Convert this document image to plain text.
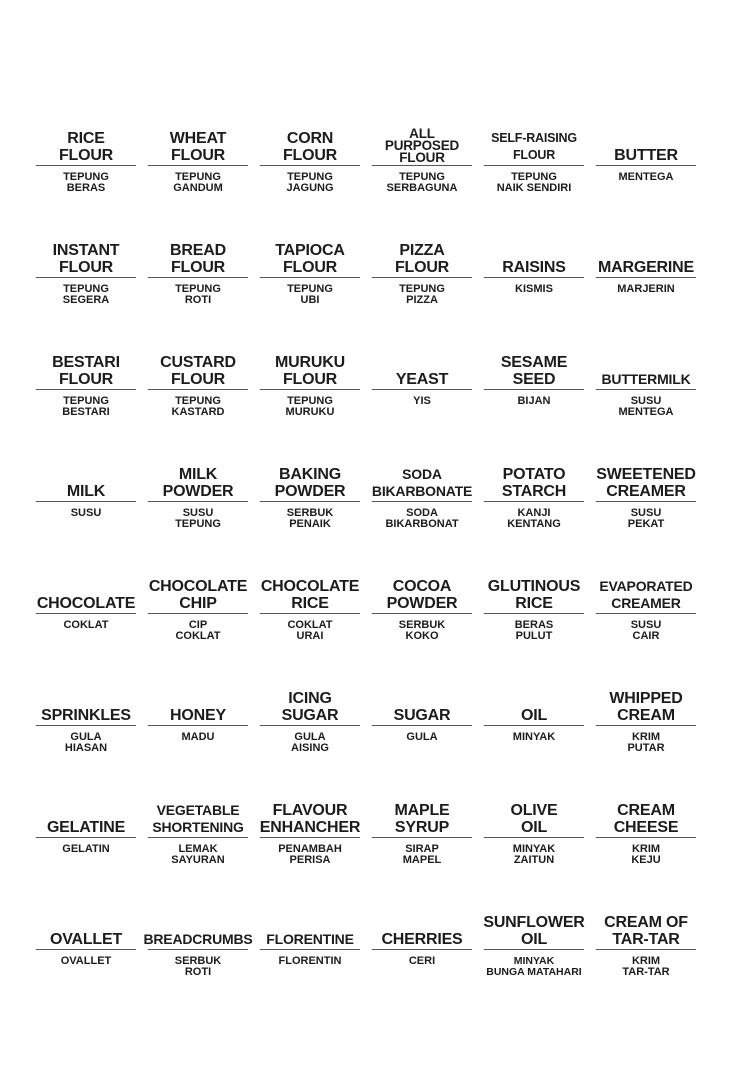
RICE
FLOUR
TEPUNG
BERAS
WHEAT
FLOUR
TEPUNG
GANDUM
CORN
FLOUR
TEPUNG
JAGUNG
ALL
PURPOSED
FLOUR
TEPUNG
SERBAGUNA
SELF-RAISING
FLOUR
TEPUNG
NAIK SENDIRI
BUTTER
MENTEGA
INSTANT
FLOUR
TEPUNG
SEGERA
BREAD
FLOUR
TEPUNG
ROTI
TAPIOCA
FLOUR
TEPUNG
UBI
PIZZA
FLOUR
TEPUNG
PIZZA
RAISINS
KISMIS
MARGERINE
MARJERIN
BESTARI
FLOUR
TEPUNG
BESTARI
CUSTARD
FLOUR
TEPUNG
KASTARD
MURUKU
FLOUR
TEPUNG
MURUKU
YEAST
YIS
SESAME
SEED
BIJAN
BUTTERMILK
SUSU
MENTEGA
MILK
SUSU
MILK
POWDER
SUSU
TEPUNG
BAKING
POWDER
SERBUK
PENAIK
SODA
BIKARBONATE
SODA
BIKARBONAT
POTATO
STARCH
KANJI
KENTANG
SWEETENED
CREAMER
SUSU
PEKAT
CHOCOLATE
COKLAT
CHOCOLATE
CHIP
CIP
COKLAT
CHOCOLATE
RICE
COKLAT
URAI
COCOA
POWDER
SERBUK
KOKO
GLUTINOUS
RICE
BERAS
PULUT
EVAPORATED
CREAMER
SUSU
CAIR
SPRINKLES
GULA
HIASAN
HONEY
MADU
ICING
SUGAR
GULA
AISING
SUGAR
GULA
OIL
MINYAK
WHIPPED
CREAM
KRIM
PUTAR
GELATINE
GELATIN
VEGETABLE
SHORTENING
LEMAK
SAYURAN
FLAVOUR
ENHANCHER
PENAMBAH
PERISA
MAPLE
SYRUP
SIRAP
MAPEL
OLIVE
OIL
MINYAK
ZAITUN
CREAM
CHEESE
KRIM
KEJU
OVALLET
OVALLET
BREADCRUMBS
SERBUK
ROTI
FLORENTINE
FLORENTIN
CHERRIES
CERI
SUNFLOWER
OIL
MINYAK
BUNGA MATAHARI
CREAM OF
TAR-TAR
KRIM
TAR-TAR
